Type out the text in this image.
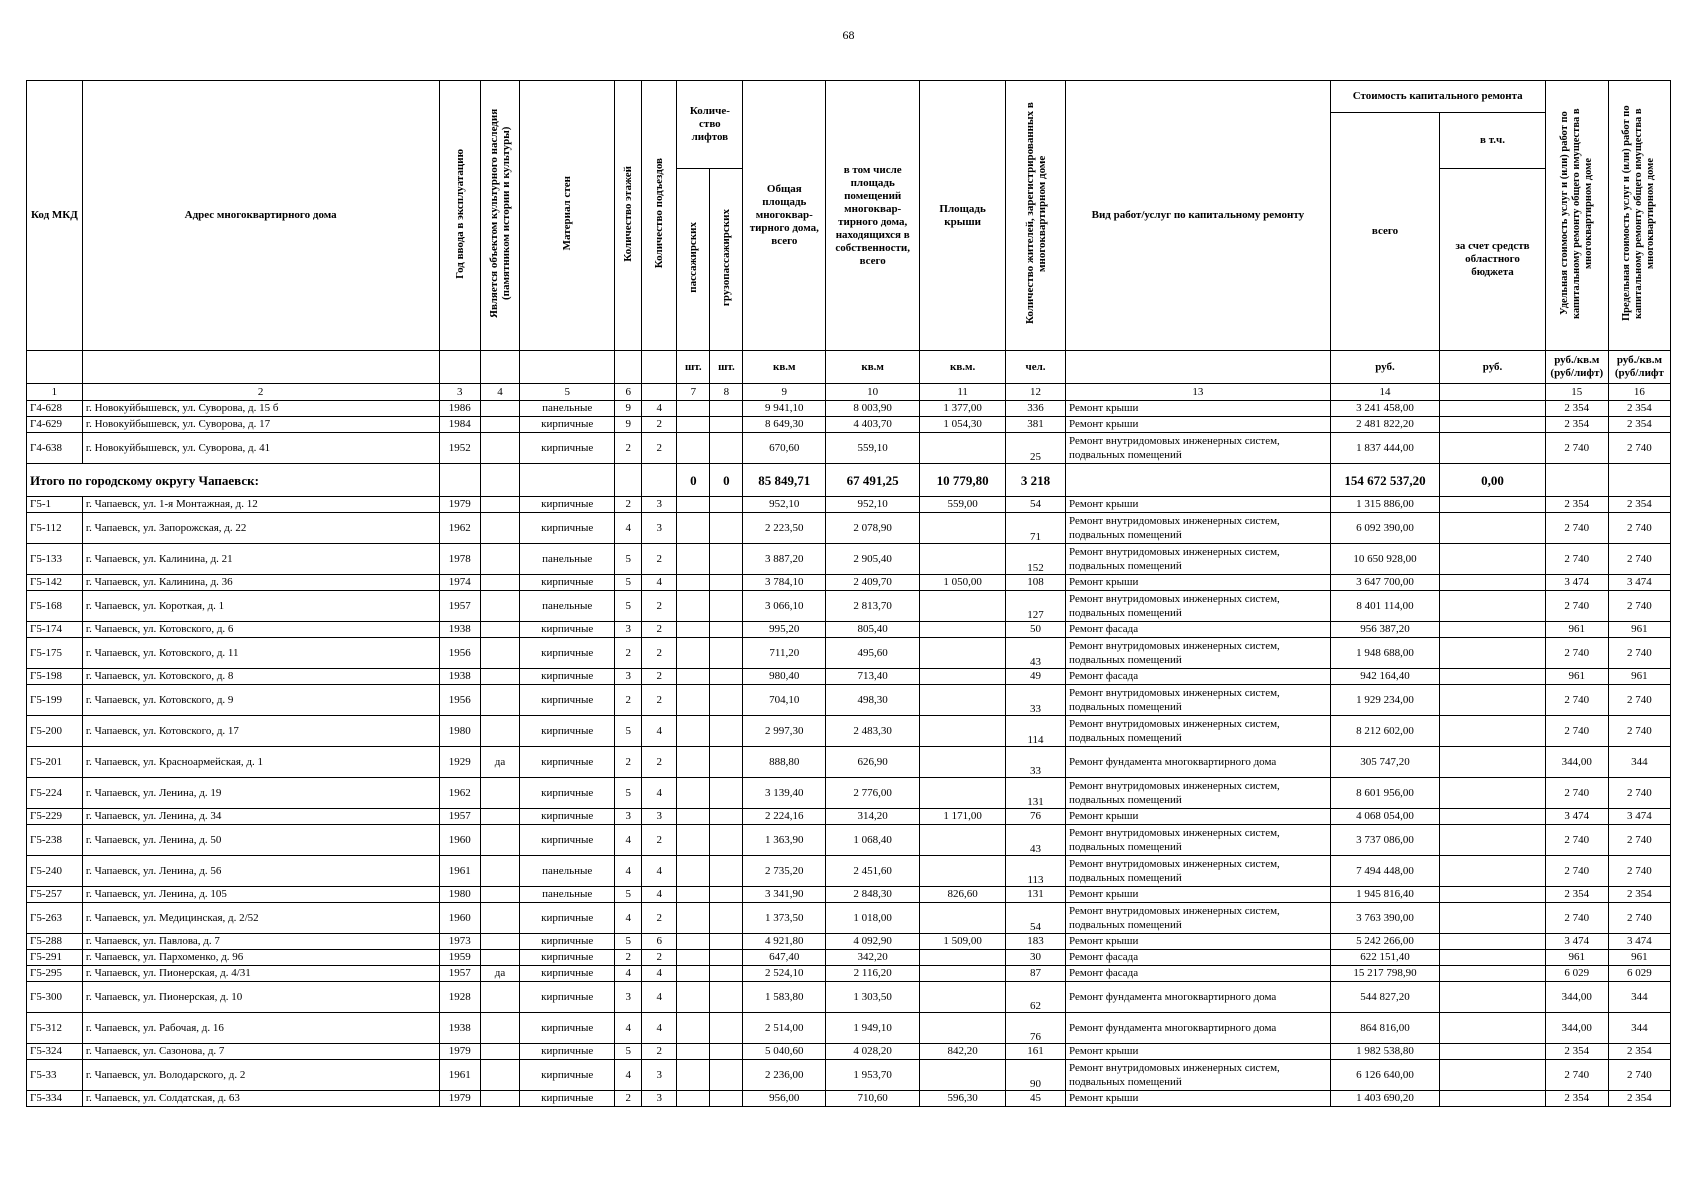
68
Код МКД	Адрес многоквартирного дома	Год ввода в эксплуатацию	Является объектом культурного наследия (памятником истории и культуры)	Материал стен	Количество этажей	Количество подъездов	Количе-ство лифтов		Общая площадь многоквар-тирного дома, всего	в том числе площадь помещений многоквар-тирного дома, находящихся в собственности, всего	Площадь крыши	Количество жителей, зарегистрированных в многоквартирном доме	Вид работ/услуг по капитальному ремонту	Стоимость капитального ремонта		Удельная стоимость услуг и (или) работ по капитальному ремонту общего имущества в многоквартирном доме	Предельная стоимость услуг и (или) работ по капитальному ремонту общего имущества в многоквартирном доме
														всего	в т.ч.		
							пассажирских	грузопассажирских							за счет средств областного бюджета		
							шт.	шт.	кв.м	кв.м	кв.м.	чел.		руб.	руб.	руб./кв.м (руб/лифт)	руб./кв.м (руб/лифт
1	2	3	4	5	6		7	8	9	10	11	12	13	14		15	16
Г4-628	г. Новокуйбышевск, ул. Суворова, д. 15 б	1986		панельные	9	4			9 941,10	8 003,90	1 377,00	336	Ремонт крыши	3 241 458,00		2 354	2 354
Г4-629	г. Новокуйбышевск, ул. Суворова, д. 17	1984		кирпичные	9	2			8 649,30	4 403,70	1 054,30	381	Ремонт крыши	2 481 822,20		2 354	2 354
Г4-638	г. Новокуйбышевск, ул. Суворова, д. 41	1952		кирпичные	2	2			670,60	559,10		25	Ремонт внутридомовых инженерных систем, подвальных помещений	1 837 444,00		2 740	2 740
Итого по городскому округу Чапаевск:							0	0	85 849,71	67 491,25	10 779,80	3 218		154 672 537,20	0,00		
Г5-1	г. Чапаевск, ул. 1-я Монтажная, д. 12	1979		кирпичные	2	3			952,10	952,10	559,00	54	Ремонт крыши	1 315 886,00		2 354	2 354
Г5-112	г. Чапаевск, ул. Запорожская, д. 22	1962		кирпичные	4	3			2 223,50	2 078,90		71	Ремонт внутридомовых инженерных систем, подвальных помещений	6 092 390,00		2 740	2 740
Г5-133	г. Чапаевск, ул. Калинина, д. 21	1978		панельные	5	2			3 887,20	2 905,40		152	Ремонт внутридомовых инженерных систем, подвальных помещений	10 650 928,00		2 740	2 740
Г5-142	г. Чапаевск, ул. Калинина, д. 36	1974		кирпичные	5	4			3 784,10	2 409,70	1 050,00	108	Ремонт крыши	3 647 700,00		3 474	3 474
Г5-168	г. Чапаевск, ул. Короткая, д. 1	1957		панельные	5	2			3 066,10	2 813,70		127	Ремонт внутридомовых инженерных систем, подвальных помещений	8 401 114,00		2 740	2 740
Г5-174	г. Чапаевск, ул. Котовского, д. 6	1938		кирпичные	3	2			995,20	805,40		50	Ремонт фасада	956 387,20		961	961
Г5-175	г. Чапаевск, ул. Котовского, д. 11	1956		кирпичные	2	2			711,20	495,60		43	Ремонт внутридомовых инженерных систем, подвальных помещений	1 948 688,00		2 740	2 740
Г5-198	г. Чапаевск, ул. Котовского, д. 8	1938		кирпичные	3	2			980,40	713,40		49	Ремонт фасада	942 164,40		961	961
Г5-199	г. Чапаевск, ул. Котовского, д. 9	1956		кирпичные	2	2			704,10	498,30		33	Ремонт внутридомовых инженерных систем, подвальных помещений	1 929 234,00		2 740	2 740
Г5-200	г. Чапаевск, ул. Котовского, д. 17	1980		кирпичные	5	4			2 997,30	2 483,30		114	Ремонт внутридомовых инженерных систем, подвальных помещений	8 212 602,00		2 740	2 740
Г5-201	г. Чапаевск, ул. Красноармейская, д. 1	1929	да	кирпичные	2	2			888,80	626,90		33	Ремонт фундамента многоквартирного дома	305 747,20		344,00	344
Г5-224	г. Чапаевск, ул. Ленина, д. 19	1962		кирпичные	5	4			3 139,40	2 776,00		131	Ремонт внутридомовых инженерных систем, подвальных помещений	8 601 956,00		2 740	2 740
Г5-229	г. Чапаевск, ул. Ленина, д. 34	1957		кирпичные	3	3			2 224,16	314,20	1 171,00	76	Ремонт крыши	4 068 054,00		3 474	3 474
Г5-238	г. Чапаевск, ул. Ленина, д. 50	1960		кирпичные	4	2			1 363,90	1 068,40		43	Ремонт внутридомовых инженерных систем, подвальных помещений	3 737 086,00		2 740	2 740
Г5-240	г. Чапаевск, ул. Ленина, д. 56	1961		панельные	4	4			2 735,20	2 451,60		113	Ремонт внутридомовых инженерных систем, подвальных помещений	7 494 448,00		2 740	2 740
Г5-257	г. Чапаевск, ул. Ленина, д. 105	1980		панельные	5	4			3 341,90	2 848,30	826,60	131	Ремонт крыши	1 945 816,40		2 354	2 354
Г5-263	г. Чапаевск, ул. Медицинская, д. 2/52	1960		кирпичные	4	2			1 373,50	1 018,00		54	Ремонт внутридомовых инженерных систем, подвальных помещений	3 763 390,00		2 740	2 740
Г5-288	г. Чапаевск, ул. Павлова, д. 7	1973		кирпичные	5	6			4 921,80	4 092,90	1 509,00	183	Ремонт крыши	5 242 266,00		3 474	3 474
Г5-291	г. Чапаевск, ул. Пархоменко, д. 96	1959		кирпичные	2	2			647,40	342,20		30	Ремонт фасада	622 151,40		961	961
Г5-295	г. Чапаевск, ул. Пионерская, д. 4/31	1957	да	кирпичные	4	4			2 524,10	2 116,20		87	Ремонт фасада	15 217 798,90		6 029	6 029
Г5-300	г. Чапаевск, ул. Пионерская, д. 10	1928		кирпичные	3	4			1 583,80	1 303,50		62	Ремонт фундамента многоквартирного дома	544 827,20		344,00	344
Г5-312	г. Чапаевск, ул. Рабочая, д. 16	1938		кирпичные	4	4			2 514,00	1 949,10		76	Ремонт фундамента многоквартирного дома	864 816,00		344,00	344
Г5-324	г. Чапаевск, ул. Сазонова, д. 7	1979		кирпичные	5	2			5 040,60	4 028,20	842,20	161	Ремонт крыши	1 982 538,80		2 354	2 354
Г5-33	г. Чапаевск, ул. Володарского, д. 2	1961		кирпичные	4	3			2 236,00	1 953,70		90	Ремонт внутридомовых инженерных систем, подвальных помещений	6 126 640,00		2 740	2 740
Г5-334	г. Чапаевск, ул. Солдатская, д. 63	1979		кирпичные	2	3			956,00	710,60	596,30	45	Ремонт крыши	1 403 690,20		2 354	2 354
